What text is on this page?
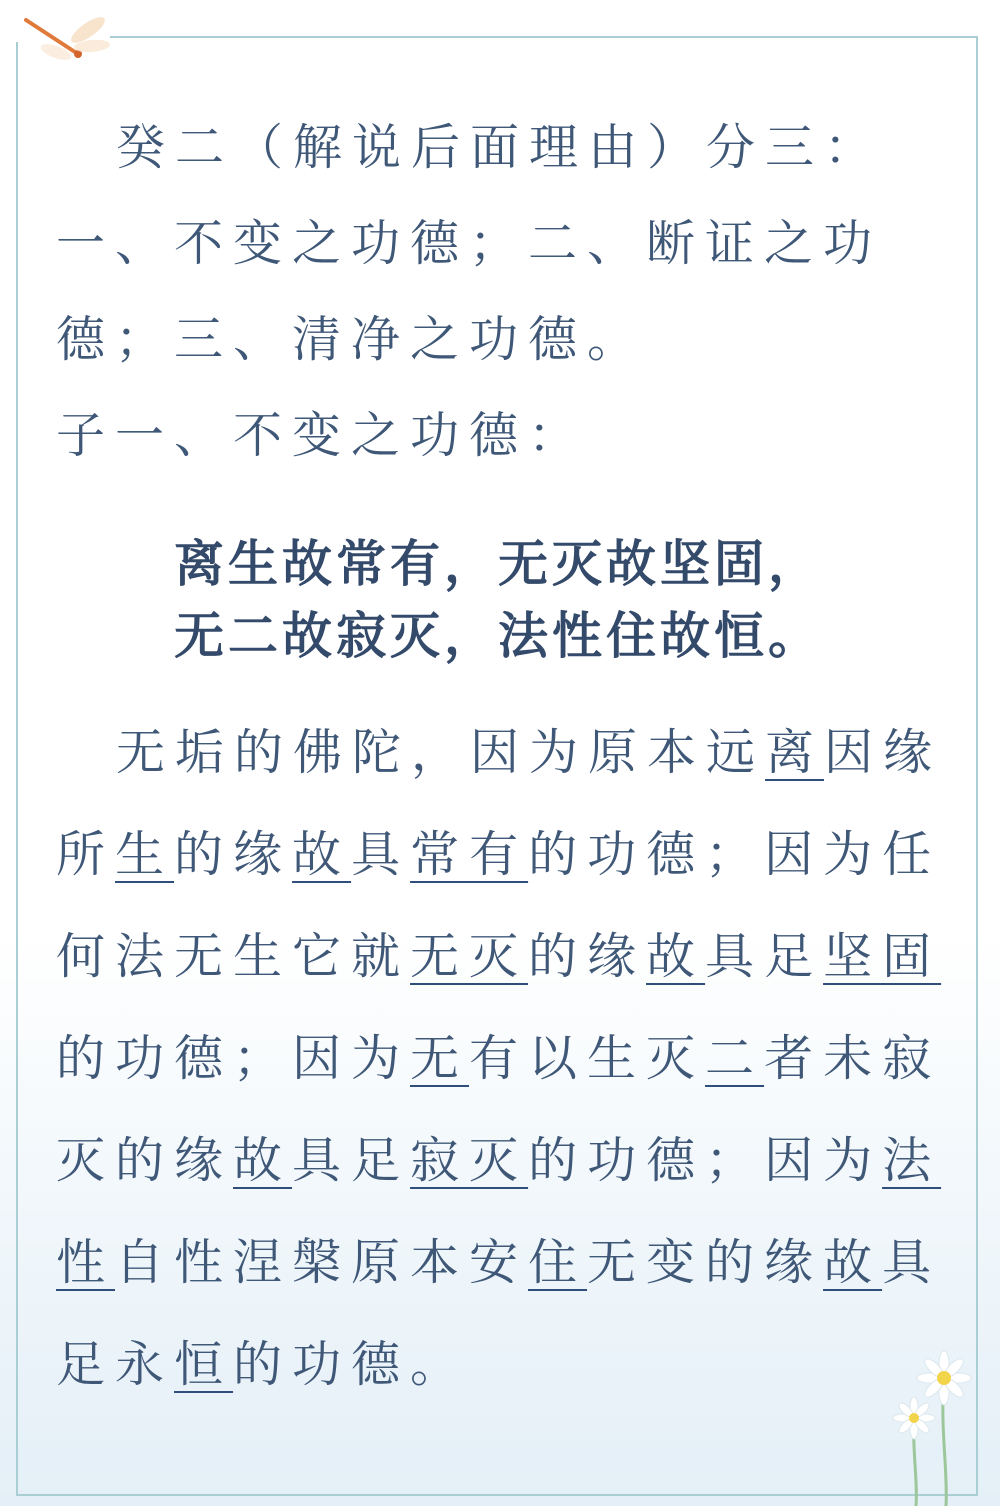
癸二（解说后面理由）分三：
一、不变之功德；二、断证之功
德；三、清净之功德。
子一、不变之功德：
离生故常有，无灭故坚固，
无二故寂灭，法性住故恒。
无垢的佛陀，因为原本远离因缘
所生的缘故具常有的功德；因为任
何法无生它就无灭的缘故具足坚固
的功德；因为无有以生灭二者未寂
灭的缘故具足寂灭的功德；因为法
性自性涅槃原本安住无变的缘故具
足永恒的功德。
